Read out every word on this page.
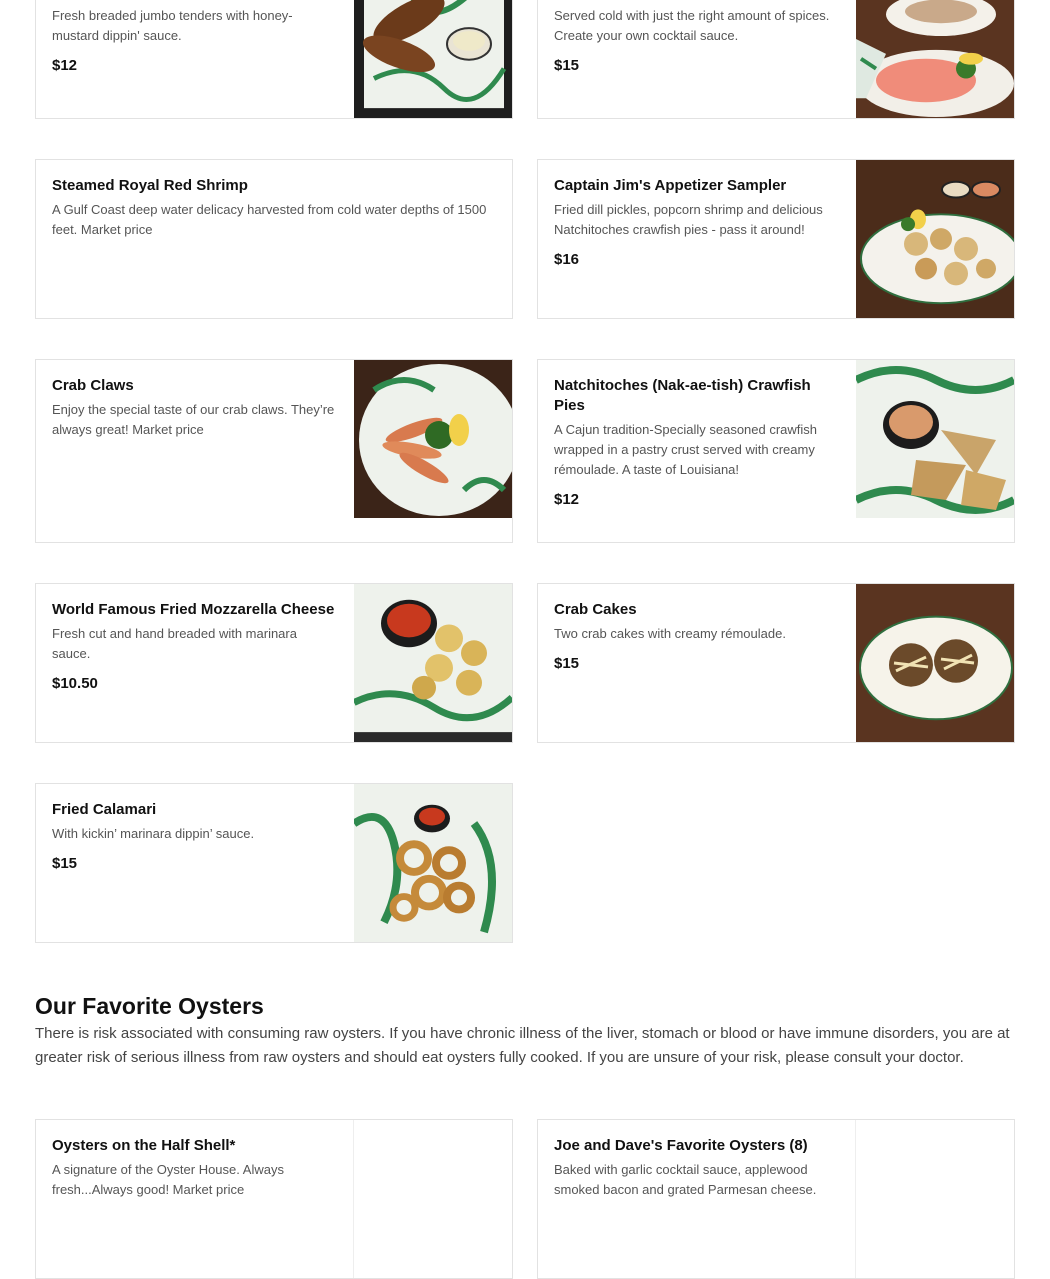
Fresh breaded jumbo tenders with honey-mustard dippin' sauce.

$12

Served cold with just the right amount of spices. Create your own cocktail sauce.

$15
Steamed Royal Red Shrimp

A Gulf Coast deep water delicacy harvested from cold water depths of 1500 feet. Market price

Captain Jim's Appetizer Sampler

Fried dill pickles, popcorn shrimp and delicious Natchitoches crawfish pies - pass it around!

$16
Crab Claws

Enjoy the special taste of our crab claws. They’re always great! Market price

Natchitoches (Nak-ae-tish) Crawfish Pies

A Cajun tradition-Specially seasoned crawfish wrapped in a pastry crust served with creamy rémoulade. A taste of Louisiana!

$12
World Famous Fried Mozzarella Cheese

Fresh cut and hand breaded with marinara sauce.

$10.50
Crab Cakes

Two crab cakes with creamy rémoulade.

$15
Fried Calamari

With kickin’ marinara dippin’ sauce.

$15
Our Favorite Oysters

There is risk associated with consuming raw oysters. If you have chronic illness of the liver, stomach or blood or have immune disorders, you are at greater risk of serious illness from raw oysters and should eat oysters fully cooked. If you are unsure of your risk, please consult your doctor.

Oysters on the Half Shell*

A signature of the Oyster House. Always fresh...Always good! Market price

Joe and Dave's Favorite Oysters (8)

Baked with garlic cocktail sauce, applewood smoked bacon and grated Parmesan cheese.
